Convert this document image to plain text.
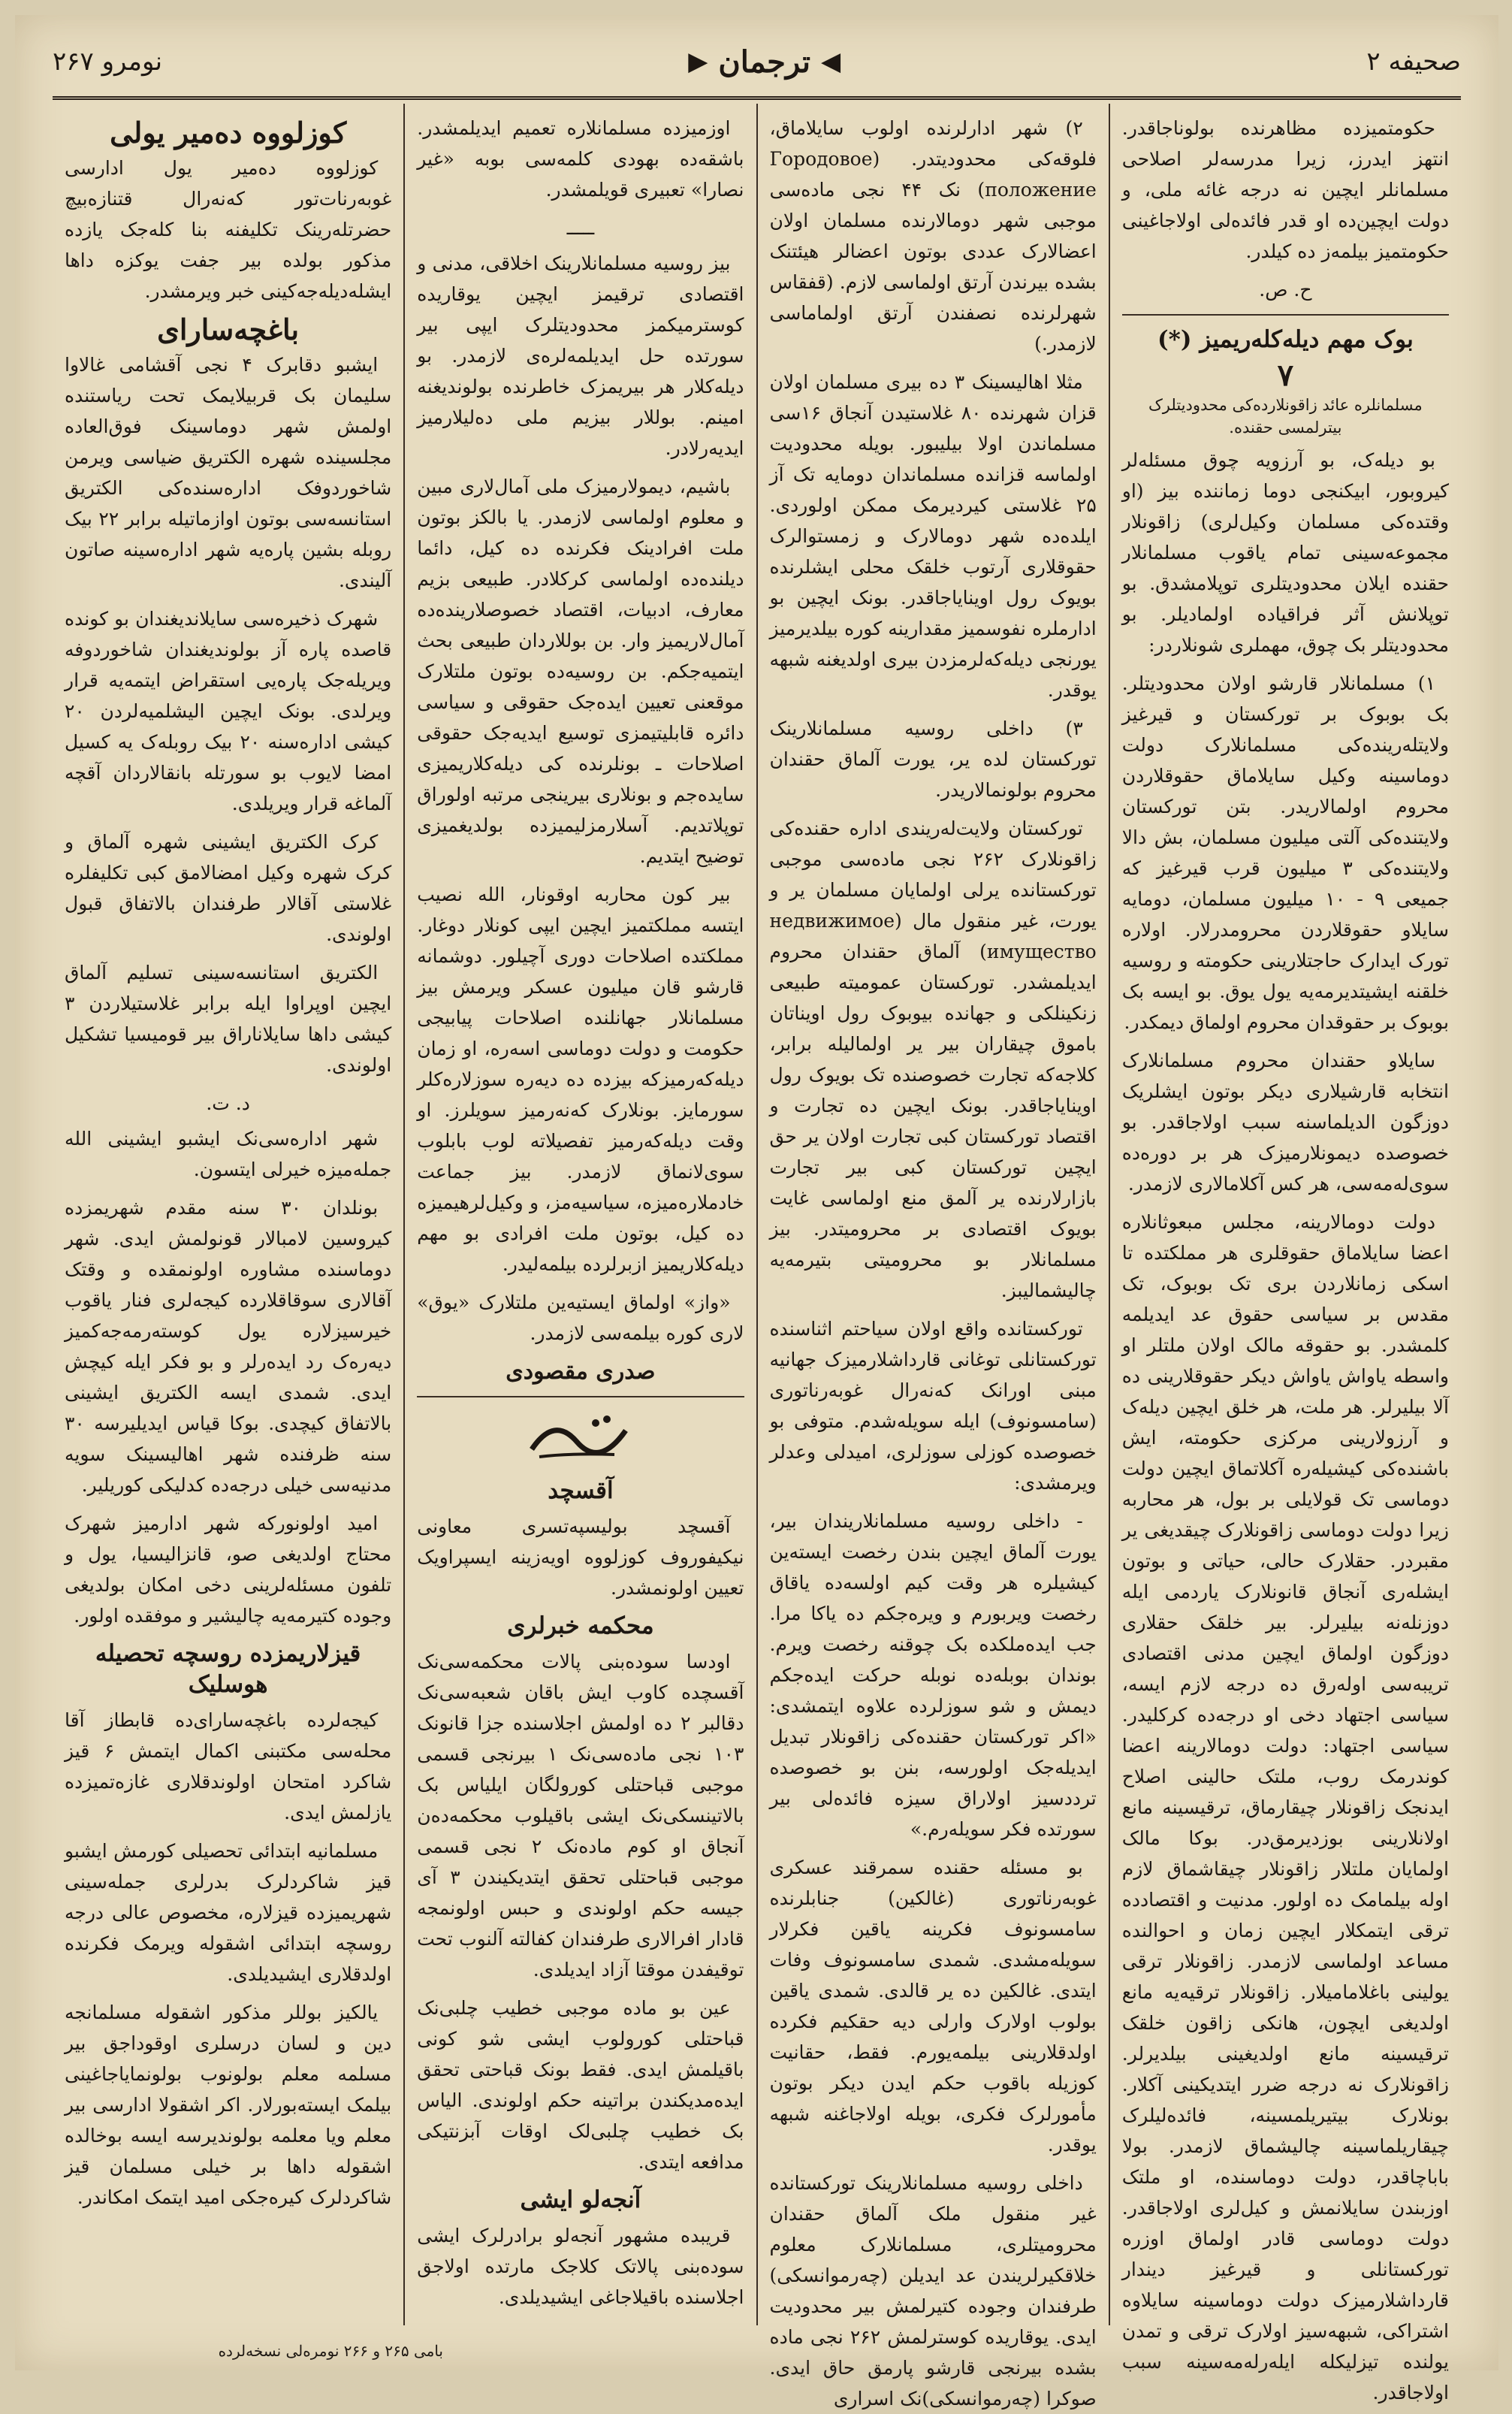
صحیفه ۲
◀
ترجمان
▶
نومرو ۲۶۷

حکومتمیزده مظاهرنده بولوناجاقدر. انتهز ایدرز، زیرا مدرسه‌لر اصلاحی مسلمانلر ایچین نه درجه غائه ملی، و دولت ایچین‌ده او قدر فائده‌لی اولاجاغینی حکومتمیز بیلمه‌ز ده کیلدر.

ح. ص.
بوک مهم دیله‌کله‌ریمیز (*)
۷
مسلمانلره عائد زاقونلارده‌کی محدودیتلرک بیترلمسی حقنده.

بو دیله‌ک، بو آرزو‌یه چوق مسئله‌لر کیروبور، ابیکنجی دوما زماننده بیز (او وقتده‌کی مسلمان وکیل‌لری) زاقونلار مجموعه‌سینی تمام یاقوب مسلمانلار حقنده ایلان محدودیتلری توپلامشدق. بو توپلانش آثر فراقیاده اولمادیلر. بو محدودیتلر بک چوق، مهملری شونلاردر:

۱) مسلمانلار قارشو اولان محدودیتلر. بک بوبوک بر تورکستان و قیرغیز ولایتله‌ریند‌ه‌کی مسلمانلارک دولت دوماسینه وکیل سایلاماق حقوقلاردن محروم اولمالاریدر. بتن تورکستان ولایتنده‌کی آلتی میلیون مسلمان، بش دالا ولایتنده‌کی ۳ میلیون قرب قیرغیز که جمیعی ۹ - ۱۰ میلیون مسلمان، دومایه سایلاو حقوقلاردن محرومدرلار. اولاره تورک ایدارک حاجتلارینی حکومته و روسیه خلقنه ایشیتدیرمه‌یه یول یوق. بو ایسه بک بوبوک بر حقوقدان محروم اولماق دیمکدر.

سایلاو حقندان محروم مسلمانلارک انتخابه قارشیلاری دیکر بوتون ایشلریک دوزگون الدیلماسنه سبب اولاجاقدر. بو خصوصده دیمونلارمیزک هر بر دوره‌ده سوی‌له‌مه‌سی، هر کس آکلامالاری لازمدر.

دولت دومالارینه، مجلس مبعوثانلاره اعضا سایلاماق حقوقلری هر مملکتده تا اسکی زمانلاردن بری تک بوبوک، تک مقدس بر سیاسی حقوق عد ایدیلمه کلمشدر. بو حقوقه مالک اولان ملتلر او واسطه یاواش یاواش دیکر حقوقلارینی ده آلا بیلیرلر. هر ملت، هر خلق ایچین دیله‌ک و آرزولارینی مرکزی حکومته، ایش باشنده‌کی کیشیله‌ره آکلاتماق ایچین دولت دوماسی تک قولایلی بر بول، هر محاربه زیرا دولت دوماسی زاقونلارک چیقدیغی یر مقبردر. حقلارک حالی، حیاتی و بوتون ایشله‌ری آنجاق قانونلارک یاردمی ایله دوزنله‌نه بیلیرلر. بیر خلقک حقلاری دوزگون اولماق ایچین مدنی اقتصادی تریبه‌سی اوله‌رق ده درجه لازم ایسه، سیاسی اجتهاد دخی او درجه‌ده کرکلیدر. سیاسی اجتهاد: دولت دومالارینه اعضا کوندرمک روب، ملتک حالینی اصلاح ایدنجک زاقونلار چیقارماق، ترقیسینه مانع اولانلارینی بوزدیرمق‌در. بوکا مالک اولمایان ملتلار زاقونلار چیقاشماق لازم اوله بیلمامک ده اولور. مدنیت و اقتصادده ترقی ایتمکلار ایچین زمان و احوالنده مساعد اولماسی لازمدر. زاقونلار ترقی یولینی باغلامامیلار. زاقونلار ترقیه‌یه مانع اولدیغی ایچون، هانکی زاقون خلقک ترقیسینه مانع اولدیغینی بیلدیرلر. زاقونلارک نه درجه ضرر ایتدیکینی آکلار. بونلارک بیتیریلمسینه، فائده‌لیلرک چیقاریلماسینه چالیشماق لازمدر. بولا باباچاقدر، دولت دوماسنده، او ملتک اوزبندن سایلانمش و کیل‌لری اولاجاقدر. دولت دوماسی قادر اولماق اوزره تورکستانلی و قیرغیز دیندار قارداشلارمیزک دولت دوماسینه سایلاوه اشتراکی، شبهه‌سیز اولارک ترقی و تمدن یولنده تیزلیکله ایله‌رله‌مه‌سینه سبب اولاجاقدر.

۲) شهر ادارلرنده اولوب سایلاماق، فلوقه‌کی محدودیتدر. (Городовое положение) نک ۴۴ نجی ماده‌سی موجبی شهر دومالارنده مسلمان اولان اعضالارک عددی بوتون اعضالر هیئتنک بشده بیرندن آرتق اولماسی لازم. (قفقاس شهرلرنده نصفندن آرتق اولماماسی لازمدر.)

مثلا اهالیسینک ۳ ده بیری مسلمان اولان قزان شهرنده ۸۰ غلاستیدن آنجاق ۱۶سی مسلماندن اولا بیلیبور. بویله محدودیت اولماسه قزانده مسلماندان دومایه تک آز ۲۵ غلاستی کیرد‌یرمک ممکن اولوردی. ایلده‌ده شهر دومالارک و زمستوالرک حقوقلاری آرتوب خلقک محلی ایشلرنده بویوک رول اوینایاجاقدر. بونک ایچین بو ادارملره نفوسمیز مقدارینه کوره بیلدیرمیز یورنجی دیله‌که‌لرمزدن بیری اولدیغنه شبهه یوقدر.

۳) داخلی روسیه مسلمانلارینک تورکستان لده یر، یورت آلماق حقندان محروم بولونمالاریدر.

تورکستان ولایت‌له‌ریندی اداره حقنده‌کی زاقونلارک ۲۶۲ نجی ماده‌سی موجبی تورکستانده یرلی اولمایان مسلمان یر و یورت، غیر منقول مال (недвижимое имущество) آلماق حقندان محروم ایدیلمشدر. تورکستان عمومیته طبیعی زنکینلکی و جهانده بیوبوک رول اویناتان باموق چیقاران بیر یر اولمالیله برابر، کلاجه‌که تجارت خصوصنده تک بویوک رول اوینایاجاقدر. بونک ایچین ده تجارت و اقتصاد تورکستان کبی تجارت اولان یر حق ایچین تورکستان کبی بیر تجارت بازارلارنده یر آلمق منع اولماسی غایت بویوک اقتصادی بر محرومیتدر. بیز مسلمانلار بو محرومیتی بتیرمه‌یه چالیشمالیبز.

تورکستانده واقع اولان سیاحتم اثناسنده تورکستانلی توغانی قارداشلارمیزک جهانیه مبنی اورانک که‌نه‌رال غوبه‌رناتوری (سامسونوف) ایله سویله‌شدم. متوفی بو خصوصده کوزلی سوزلری، امیدلی وعدلر ویرمشدی:

- داخلی روسیه مسلمانلاریندان بیر، یورت آلماق ایچین بندن رخصت ایسته‌ین کیشیلره هر وقت کیم اولسه‌ده یاقاق رخصت ویربورم و ویره‌جکم ده یاکا مرا. جب ایده‌ملکده بک چوقنه رخصت ویرم. بوندان بوبله‌ده نوبله حرکت ایده‌جکم دیمش و شو سوزلرده علاوه ایتمشدی: «اکر تورکستان حقنده‌کی زاقونلار تبدیل ایدیله‌جک اولورسه، بنن بو خصوصده تردد‌سیز اولاراق سیزه فائده‌لی بیر سورتده فکر سویله‌رم.»

بو مسئله حقنده سمرقند عسکری غوبه‌رناتوری (غالکین) جنابلرنده سامسونوف فکرینه یاقین فکرلار سویله‌مشدی. شمدی سامسونوف وفات ایتدی. غالکین ده یر قالدی. شمدی یاقین بولوب اولارک وارلی دیه حقکیم فکرده اولدقلارینی بیلمه‌یورم. فقط، حقانیت کوزیله باقوب حکم ایدن دیکر بوتون مأمورلرک فکری، بویله اولاجاغنه شبهه یوقدر.

داخلی روسیه مسلمانلارینک تورکستانده غیر منقول ملک آلماق حقندان محرومیتلری، مسلمانلارک معلوم خلاقکیرلر‌یندن عد ایدیلن (چه‌رموانسکی) طرفندان وجوده کتیرلمش بیر محدودیت ایدی. یوقاریده کوسترلمش ۲۶۲ نجی ماده بشده بیرنجی قارشو پارمق حاق ایدی. صوکرا (چه‌رموانسکی)نک اسراری

اوزمیزده مسلمانلاره تعمیم ایدیلمشدر. باشقه‌ده بهودی کلمه‌سی بوبه «غیر نصارا» تعبیری قویلمشدر.

ـــــ

بیز روسیه مسلمانلارینک اخلاقی، مدنی و اقتصادی ترقیمز ایچین یوقاریده کوسترمیکمز محدودیتلرک ایپی بیر سورتده حل ایدیلمه‌لره‌ی لازمدر. بو دیله‌کلار هر بیریمزک خاطرنده بولوندیغنه امینم. بوللار بیزیم ملی ده‌لیلارمیز ایدیه‌رلادر.

باشیم، دیمولارمیزک ملی آمال‌لاری مبین و معلوم اولماسی لازمدر. یا بالکز بوتون ملت افرادینک فکرنده ده کیل، دائما دیلنده‌ده اولماسی کرکلادر. طبیعی بزیم معارف، ادبیات، اقتصاد خصوصلارینده‌ده آمال‌لاریمیز وار. بن بو‌للاردان طبیعی بحث ایتمیه‌جکم. بن روسیه‌ده بوتون ملتلارک موقعنی تعیین ایده‌جک حقوقی و سیاسی دائره قابلیتیمزی توسیع ایدیه‌جک حقوقی اصلاحات ـ بونلرنده کی دیله‌کلار‌یمیزی سایده‌جم و بونلاری بیر‌ینجی مرتبه اولوراق توپلاتدیم. آسلارمزلیمیزده بولدیغمیزی توضیح ایتدیم.

بیر کون محاربه اوقونار، الله نصیب ایتسه مملکتمیز ایچین ایپی کونلار دوغار. مملکتده اصلاحات دوری آچیلور. دوشمانه قارشو قان میلیون عسکر ویرمش بیز مسلمانلار جهانلنده اصلاحات پیابیجی حکومت و دولت دوماسی اسه‌ره، او زمان دیله‌که‌رمیزکه بیزده ده دیه‌ره سوزلاره‌کلر سورمایز. بونلارک که‌نه‌رمیز سویلرز. او وقت دیله‌که‌رمیز تفصیلاته لوب بابلوب سوی‌لانماق لازمدر. بیز جماعت خادملاره‌میزه، سیاسیه‌مز، و وکیل‌لرهیمیزه ده کیل، بوتون ملت افرادی بو مهم دیله‌کلاریمیز ازبرلرده بیلمه‌لیدر.

«واز» اولماق ایستیه‌ین ملتلارک «یوق» لاری کوره بیلمه‌سی لازمدر.

صدری مقصودی
آقسچد

آقسچد بولیسپه‌تسری معاونی نیکیفوروف کوزلووه اویه‌زینه ایسپراویک تعیین اولونمشدر.

محکمه خبرلری

اودسا سوده‌بنی پالات محکمه‌سی‌نک آقسچده کاوب ایش باقان شعبه‌سی‌نک دقالبر ۲ ده اولمش اجلاسنده جزا قانونک ۱۰۳ نجی ماده‌سی‌نک ۱ بیرنجی قسمی موجبی قباحتلی کورولگان ایلیاس بک بالاتینسکی‌نک ایشی باقیلوب محکمه‌ده‌ن آنجاق او کوم ماده‌نک ۲ نجی قسمی موجبی قباحتلی تحقق ایتدیکیندن ۳ آی جیسه حکم اولوندی و حبس اولونمجه قادار افرالاری طرفندان کفالته آلنوب تحت توقیفدن موقتا آزاد ایدیلدی.

عین بو ماده موجبی خطیب چلبی‌نک قباحتلی کورولوب ایشی شو کونی باقیلمش ایدی. فقط بونک قباحتی تحقق ایده‌مدیکندن براتینه حکم اولوندی. الیاس بک خطیب چلبی‌لک اوقات آبزنتیکی مدافعه ایتدی.

آنجه‌لو ایشی

قریبده مشهور آنجه‌لو برادرلرک ایشی سوده‌بنی پالاتک کلاجک مارتده اولاجق اجلاسنده باقیلاجاغی ایشیدیلدی.

کوزلووه ده‌میر یولی

کوزلووه ده‌میر یول ادارسی غوبه‌رنات‌تور که‌نه‌رال قتنازه‌بیچ حضرتله‌رینک تکلیفنه بنا کله‌جک یازده مذکور بولده بیر جفت یوکزه داها ایشله‌دیله‌جه‌کینی خبر ویرمشدر.

باغچه‌سارای

ایشبو دقابرک ۴ نجی آقشامی غالاوا سلیمان بک قربیلایمک تحت ریاستنده اولمش شهر دوماسینک فوق‌العاده مجلسینده شهره الکتریق ضیاسی ویرمن شاخوردوفک اداره‌سنده‌کی الکتریق استانسه‌سی بوتون اوازماتیله برابر ۲۲ بیک روبله بشین پاره‌یه شهر اداره‌سینه صاتون آلیندی.

شهرک ذخیره‌سی سایلاندیغندان بو کونده قاصده پاره آز بولوندیغندان شاخوردوفه ویریله‌جک پاره‌یی استقراض ایتمه‌یه قرار ویرلدی. بونک ایچین الیشلمیه‌لردن ۲۰ کیشی اداره‌سنه ۲۰ بیک روبله‌ک یه کسیل امضا لایوب بو سورتله بانقالاردان آقچه آلماغه قرار ویریلدی.

کرک الکتریق ایشینی شهره آلماق و کرک شهره وکیل امضالامق کبی تکلیفلره غلاستی آقالار طرفندان بالاتفاق قبول اولوندی.

الکتریق استانسه‌سینی تسلیم آلماق ایچین اوپراوا ایله برابر غلاستیلاردن ۳ کیشی داها سایلاناراق بیر قومیسیا تشکیل اولوندی.

د. ت.

شهر اداره‌سی‌نک ایشبو ایشینی الله جمله‌میزه خیرلی ایتسون.

بونلدان ۳۰ سنه مقدم شهریمزده کیروسین لامبالار قونولمش ایدی. شهر دوماسنده مشاوره اولونمقده و وقتک آقالاری سوقاقلارده کیجه‌لری فنار یاقوب خیرسیزلاره یول کوسته‌رمه‌جه‌کمیز دیه‌ره‌ک رد ایده‌رلر و بو فکر ایله کیچش ایدی. شمدی ایسه الکتریق ایشینی بالاتفاق کیچدی. بوکا قیاس ایدیلیرسه ۳۰ سنه ظرفنده شهر اهالیسینک سویه‌ مدنیه‌سی خیلی درجه‌ده کدلیکی کوریلیر.

امید اولونورکه شهر ادارمیز شهرک محتاج اولدیغی صو، قانزالیسیا، یول و تلفون مسئله‌لرینی دخی امکان بولدیغی وجوده کتیرمه‌یه چالیشیر و موفقده اولور.

قیزلاریمزده روسچه تحصیله هوسلیک

کیجه‌لرده باغچه‌سارای‌ده قابطاز آقا محله‌سی مکتبنی اکمال ایتمش ۶ قیز شاکرد امتحان اولوندقلاری غازه‌تمیزده یازلمش ایدی.

مسلمانیه ابتدائی تحصیلی کورمش ایشبو قیز شاکردلرک بدرلری جمله‌سینی شهریمیزده قیزلاره، مخصوص عالی درجه روسچه ابتدائی اشقوله ویرمک فکرنده اولدقلاری ایشیدیلدی.

یالکیز بوللر مذکور اشقوله مسلمانجه دین و لسان درسلری اوقوداجق بیر مسلمه معلم بولونوب بولونمایاجاغینی بیلمک ایسته‌بورلار. اکر اشقولا ادارسی بیر معلم ویا معلمه بولوندیرسه ایسه بوخالده اشقوله داها بر خیلی مسلمان قیز شاکرد‌لرک کیره‌جکی امید ایتمک امکاندر.

بامی ۲۶۵ و ۲۶۶ نومره‌لی نسخه‌لرده
